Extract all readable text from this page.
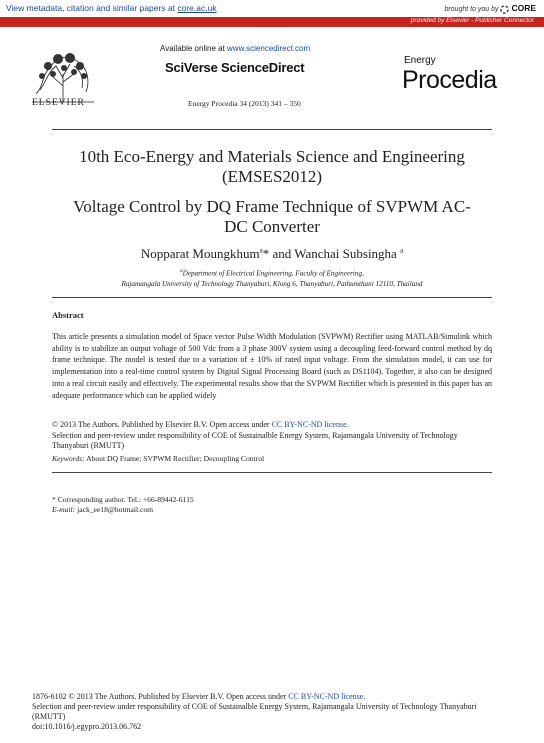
View metadata, citation and similar papers at core.ac.uk	brought to you by CORE
provided by Elsevier - Publisher Connector
ELSEVIER
Available online at www.sciencedirect.com
SciVerse ScienceDirect
Energy Procedia 34 (2013) 341 – 350
Energy
Procedia
10th Eco-Energy and Materials Science and Engineering
(EMSES2012)
Voltage Control by DQ Frame Technique of SVPWM AC-
DC Converter
Nopparat Moungkhum$^a$* and Wanchai Subsingha $^a$
$^a$Department of Electrical Engineering, Faculty of Engineering,
Rajamangala University of Technology Thanyaburi, Klong 6, Thanyaburi, Pathumthani 12110, Thailand
Abstract
This article presents a simulation model of Space vector Pulse Width Modulation (SVPWM) Rectifier using MATLAB/Simulink which ability is to stabilize an output voltage of 500 Vdc from a 3 phase 300V system using a decoupling feed-forward control method by dq frame technique. The model is tested due to a variation of ± 10% of rated input voltage. From the simulation model, it can use for implementation into a real-time control system by Digital Signal Processing Board (such as DS1104). Together, it also can be designed into a real circuit easily and effectively. The experimental results show that the SVPWM Rectifier which is presented in this paper has an adequate performance which can be applied widely
© 2013 The Authors. Published by Elsevier B.V. Open access under CC BY-NC-ND license.
Selection and peer-review under responsibility of COE of Sustainalble Energy System, Rajamangala University of Technology Thanyaburi (RMUTT)
Keywords: About DQ Frame; SVPWM Rectifier; Decoupling Control
* Corresponding author. Tel.: +66-89442-6115
E-mail: jack_ee18@hotmail.com
1876-6102 © 2013 The Authors. Published by Elsevier B.V. Open access under CC BY-NC-ND license.
Selection and peer-review under responsibility of COE of Sustainalble Energy System, Rajamangala University of Technology Thanyaburi (RMUTT)
doi:10.1016/j.egypro.2013.06.762
